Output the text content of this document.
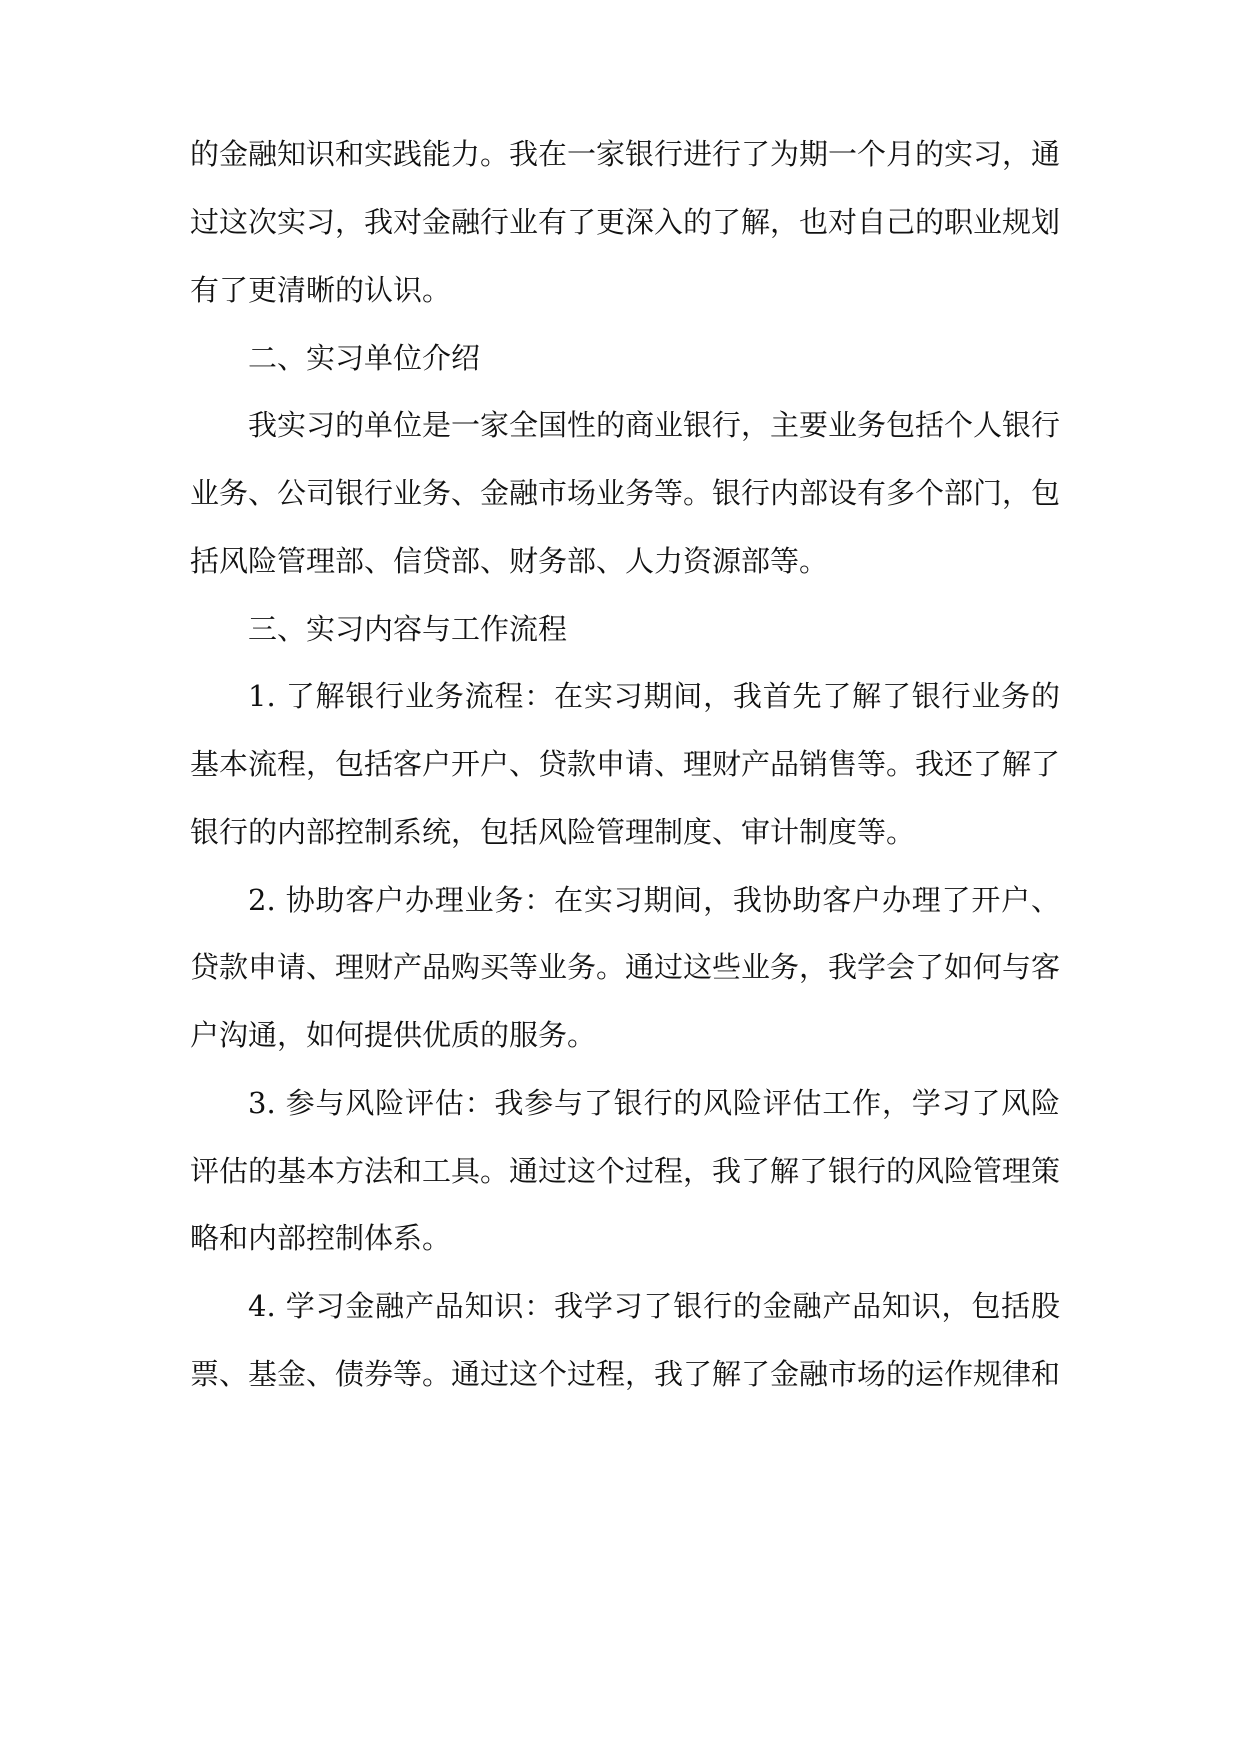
的金融知识和实践能力。我在一家银行进行了为期一个月的实习，通
过这次实习，我对金融行业有了更深入的了解，也对自己的职业规划
有了更清晰的认识。
二、实习单位介绍
我实习的单位是一家全国性的商业银行，主要业务包括个人银行
业务、公司银行业务、金融市场业务等。银行内部设有多个部门，包
括风险管理部、信贷部、财务部、人力资源部等。
三、实习内容与工作流程
1. 了解银行业务流程：在实习期间，我首先了解了银行业务的
基本流程，包括客户开户、贷款申请、理财产品销售等。我还了解了
银行的内部控制系统，包括风险管理制度、审计制度等。
2. 协助客户办理业务：在实习期间，我协助客户办理了开户、
贷款申请、理财产品购买等业务。通过这些业务，我学会了如何与客
户沟通，如何提供优质的服务。
3. 参与风险评估：我参与了银行的风险评估工作，学习了风险
评估的基本方法和工具。通过这个过程，我了解了银行的风险管理策
略和内部控制体系。
4. 学习金融产品知识：我学习了银行的金融产品知识，包括股
票、基金、债券等。通过这个过程，我了解了金融市场的运作规律和
